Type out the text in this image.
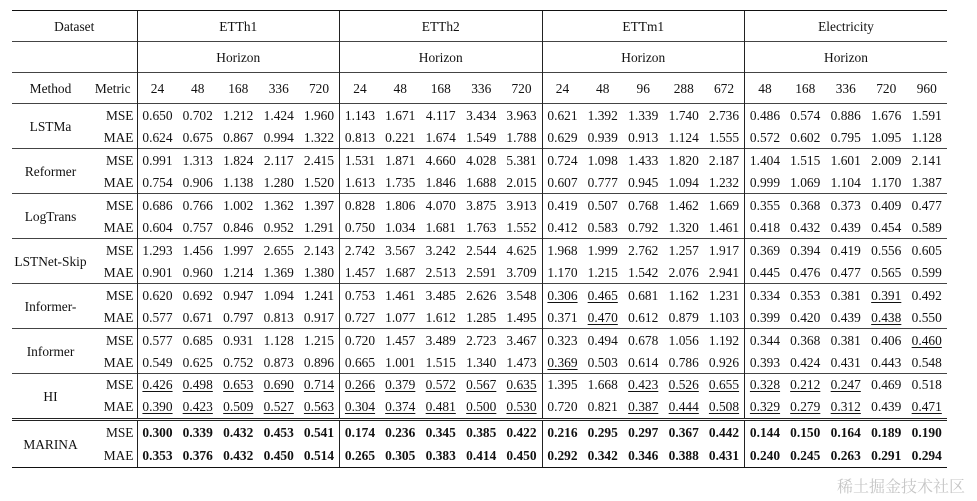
Dataset		ETTh1					ETTh2					ETTm1					Electricity				
		Horizon					Horizon					Horizon					Horizon				
Method	Metric	24	48	168	336	720	24	48	168	336	720	24	48	96	288	672	48	168	336	720	960
LSTMa	MSE	0.650	0.702	1.212	1.424	1.960	1.143	1.671	4.117	3.434	3.963	0.621	1.392	1.339	1.740	2.736	0.486	0.574	0.886	1.676	1.591
	MAE	0.624	0.675	0.867	0.994	1.322	0.813	0.221	1.674	1.549	1.788	0.629	0.939	0.913	1.124	1.555	0.572	0.602	0.795	1.095	1.128
Reformer	MSE	0.991	1.313	1.824	2.117	2.415	1.531	1.871	4.660	4.028	5.381	0.724	1.098	1.433	1.820	2.187	1.404	1.515	1.601	2.009	2.141
	MAE	0.754	0.906	1.138	1.280	1.520	1.613	1.735	1.846	1.688	2.015	0.607	0.777	0.945	1.094	1.232	0.999	1.069	1.104	1.170	1.387
LogTrans	MSE	0.686	0.766	1.002	1.362	1.397	0.828	1.806	4.070	3.875	3.913	0.419	0.507	0.768	1.462	1.669	0.355	0.368	0.373	0.409	0.477
	MAE	0.604	0.757	0.846	0.952	1.291	0.750	1.034	1.681	1.763	1.552	0.412	0.583	0.792	1.320	1.461	0.418	0.432	0.439	0.454	0.589
LSTNet-Skip	MSE	1.293	1.456	1.997	2.655	2.143	2.742	3.567	3.242	2.544	4.625	1.968	1.999	2.762	1.257	1.917	0.369	0.394	0.419	0.556	0.605
	MAE	0.901	0.960	1.214	1.369	1.380	1.457	1.687	2.513	2.591	3.709	1.170	1.215	1.542	2.076	2.941	0.445	0.476	0.477	0.565	0.599
Informer-	MSE	0.620	0.692	0.947	1.094	1.241	0.753	1.461	3.485	2.626	3.548	0.306	0.465	0.681	1.162	1.231	0.334	0.353	0.381	0.391	0.492
	MAE	0.577	0.671	0.797	0.813	0.917	0.727	1.077	1.612	1.285	1.495	0.371	0.470	0.612	0.879	1.103	0.399	0.420	0.439	0.438	0.550
Informer	MSE	0.577	0.685	0.931	1.128	1.215	0.720	1.457	3.489	2.723	3.467	0.323	0.494	0.678	1.056	1.192	0.344	0.368	0.381	0.406	0.460
	MAE	0.549	0.625	0.752	0.873	0.896	0.665	1.001	1.515	1.340	1.473	0.369	0.503	0.614	0.786	0.926	0.393	0.424	0.431	0.443	0.548
HI	MSE	0.426	0.498	0.653	0.690	0.714	0.266	0.379	0.572	0.567	0.635	1.395	1.668	0.423	0.526	0.655	0.328	0.212	0.247	0.469	0.518
	MAE	0.390	0.423	0.509	0.527	0.563	0.304	0.374	0.481	0.500	0.530	0.720	0.821	0.387	0.444	0.508	0.329	0.279	0.312	0.439	0.471
MARINA	MSE	0.300	0.339	0.432	0.453	0.541	0.174	0.236	0.345	0.385	0.422	0.216	0.295	0.297	0.367	0.442	0.144	0.150	0.164	0.189	0.190
	MAE	0.353	0.376	0.432	0.450	0.514	0.265	0.305	0.383	0.414	0.450	0.292	0.342	0.346	0.388	0.431	0.240	0.245	0.263	0.291	0.294
稀土掘金技术社区
